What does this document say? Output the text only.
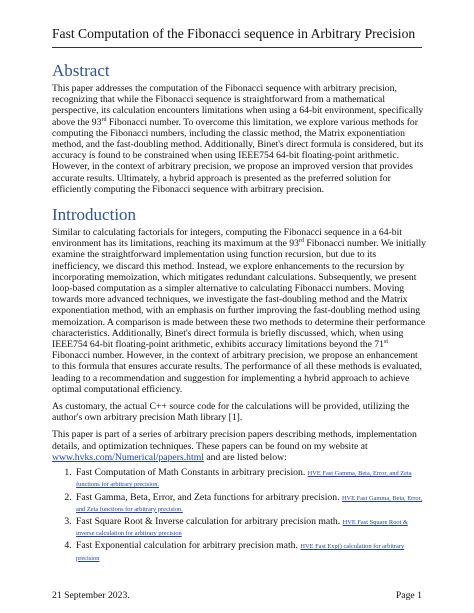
Fast Computation of the Fibonacci sequence in Arbitrary Precision
Abstract

This paper addresses the computation of the Fibonacci sequence with arbitrary precision, recognizing that while the Fibonacci sequence is straightforward from a mathematical perspective, its calculation encounters limitations when using a 64-bit environment, specifically above the 93rd Fibonacci number. To overcome this limitation, we explore various methods for computing the Fibonacci numbers, including the classic method, the Matrix exponentiation method, and the fast-doubling method. Additionally, Binet's direct formula is considered, but its accuracy is found to be constrained when using IEEE754 64-bit floating-point arithmetic. However, in the context of arbitrary precision, we propose an improved version that provides accurate results. Ultimately, a hybrid approach is presented as the preferred solution for efficiently computing the Fibonacci sequence with arbitrary precision.

Introduction

Similar to calculating factorials for integers, computing the Fibonacci sequence in a 64-bit environment has its limitations, reaching its maximum at the 93rd Fibonacci number. We initially examine the straightforward implementation using function recursion, but due to its inefficiency, we discard this method. Instead, we explore enhancements to the recursion by incorporating memoization, which mitigates redundant calculations. Subsequently, we present loop-based computation as a simpler alternative to calculating Fibonacci numbers. Moving towards more advanced techniques, we investigate the fast-doubling method and the Matrix exponentiation method, with an emphasis on further improving the fast-doubling method using memoization. A comparison is made between these two methods to determine their performance characteristics. Additionally, Binet's direct formula is briefly discussed, which, when using IEEE754 64-bit floating-point arithmetic, exhibits accuracy limitations beyond the 71st Fibonacci number. However, in the context of arbitrary precision, we propose an enhancement to this formula that ensures accurate results. The performance of all these methods is evaluated, leading to a recommendation and suggestion for implementing a hybrid approach to achieve optimal computational efficiency.

As customary, the actual C++ source code for the calculations will be provided, utilizing the author's own arbitrary precision Math library [1].

This paper is part of a series of arbitrary precision papers describing methods, implementation details, and optimization techniques. These papers can be found on my website at www.hvks.com/Numerical/papers.html and are listed below:

1. Fast Computation of Math Constants in arbitrary precision. HVE Fast Gamma, Beta, Error, and Zeta functions for arbitrary precision.
2. Fast Gamma, Beta, Error, and Zeta functions for arbitrary precision. HVE Fast Gamma, Beta, Error, and Zeta functions for arbitrary precision.
3. Fast Square Root & Inverse calculation for arbitrary precision math. HVE Fast Square Root & inverse calculation for arbitrary precision
4. Fast Exponential calculation for arbitrary precision math. HVE Fast Exp() calculation for arbitrary precision
21 September 2023.	Page 1
